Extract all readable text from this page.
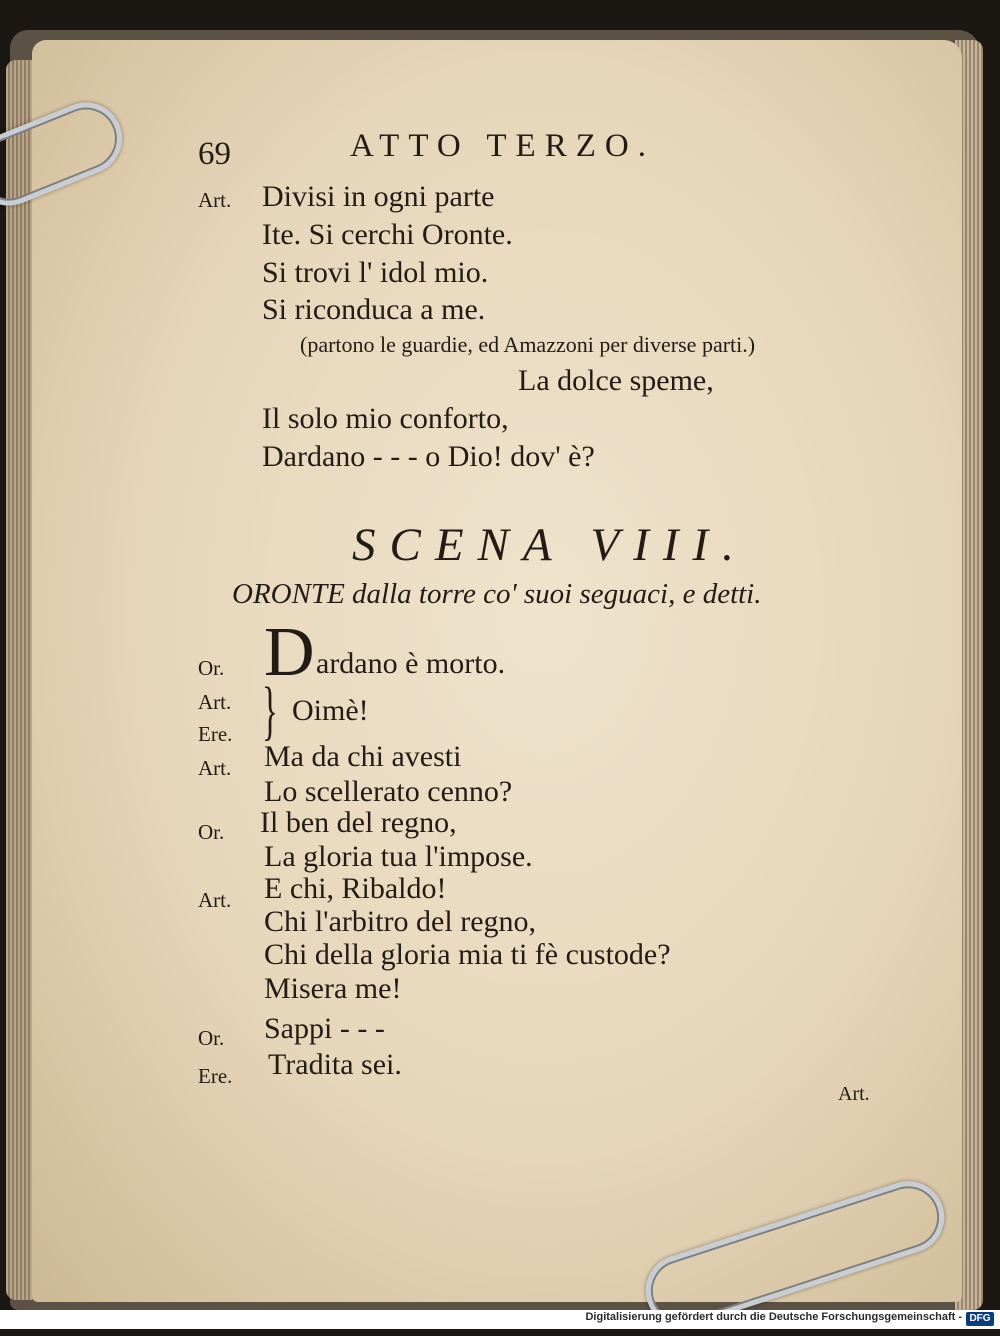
69	ATTO TERZO.
Art. Divisi in ogni parte
Ite. Si cerchi Oronte.
Si trovi l' idol mio.
Si riconduca a me.
(partono le guardie, ed Amazzoni per diverse parti.)
La dolce speme,
Il solo mio conforto,
Dardano - - - o Dio! dov' è?
SCENA VIII.
ORONTE dalla torre co' suoi seguaci, e detti.
Or. D ardano è morto.
Art.
Ere. } Oimè!
Art. Ma da chi avesti
Lo scellerato cenno?
Or. Il ben del regno,
La gloria tua l'impose.
Art. E chi, Ribaldo!
Chi l'arbitro del regno,
Chi della gloria mia ti fè custode?
Misera me!
Or. Sappi - - -
Ere. Tradita sei.
Art.
Digitalisierung gefördert durch die Deutsche Forschungsgemeinschaft - DFG
